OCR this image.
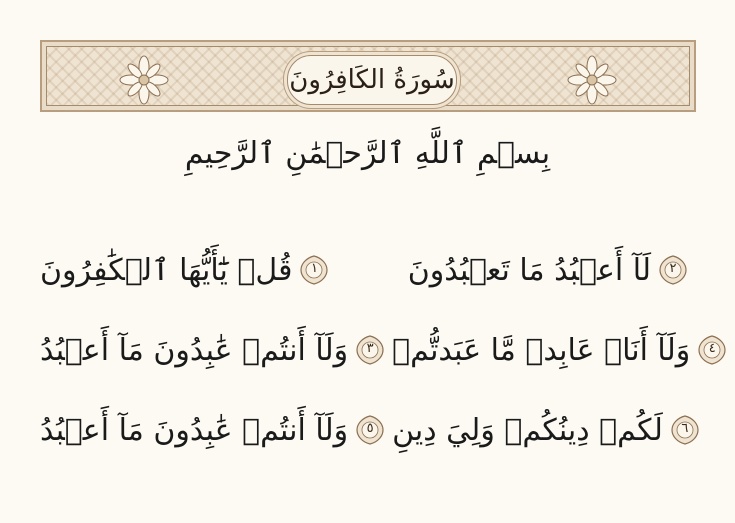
سُورَةُ الكَافِرُونَ
بِسۡمِ ٱللَّهِ ٱلرَّحۡمَٰنِ ٱلرَّحِيمِ
قُلۡ يَٰٓأَيُّهَا ٱلۡكَٰفِرُونَ	١	لَآ أَعۡبُدُ مَا تَعۡبُدُونَ	٢
وَلَآ أَنتُمۡ عَٰبِدُونَ مَآ أَعۡبُدُ	٣ وَلَآ أَنَا۠ عَابِدٞ مَّا عَبَدتُّمۡ	٤
وَلَآ أَنتُمۡ عَٰبِدُونَ مَآ أَعۡبُدُ	٥ لَكُمۡ دِينُكُمۡ وَلِيَ دِينِ	٦
